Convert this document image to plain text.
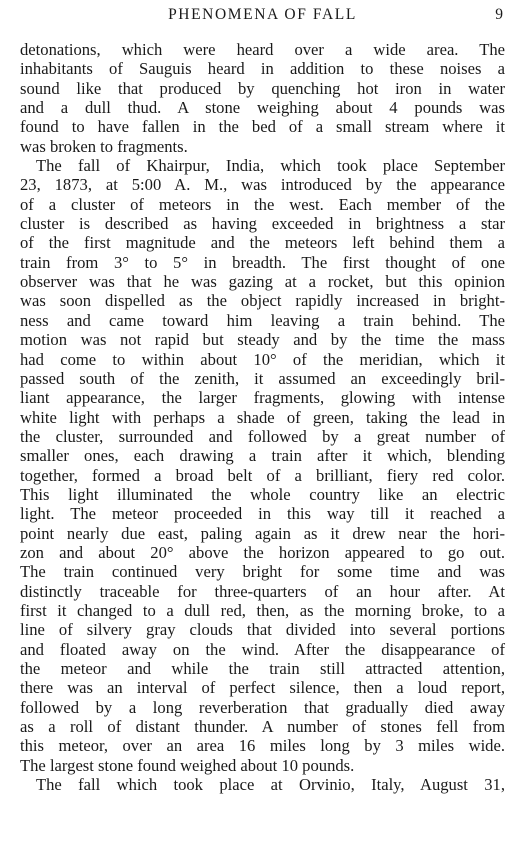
PHENOMENA OF FALL	9
detonations, which were heard over a wide area. The
inhabitants of Sauguis heard in addition to these noises a
sound like that produced by quenching hot iron in water
and a dull thud. A stone weighing about 4 pounds was
found to have fallen in the bed of a small stream where it
was broken to fragments.
The fall of Khairpur, India, which took place September
23, 1873, at 5:00 A. M., was introduced by the appearance
of a cluster of meteors in the west. Each member of the
cluster is described as having exceeded in brightness a star
of the first magnitude and the meteors left behind them a
train from 3° to 5° in breadth. The first thought of one
observer was that he was gazing at a rocket, but this opinion
was soon dispelled as the object rapidly increased in bright-
ness and came toward him leaving a train behind. The
motion was not rapid but steady and by the time the mass
had come to within about 10° of the meridian, which it
passed south of the zenith, it assumed an exceedingly bril-
liant appearance, the larger fragments, glowing with intense
white light with perhaps a shade of green, taking the lead in
the cluster, surrounded and followed by a great number of
smaller ones, each drawing a train after it which, blending
together, formed a broad belt of a brilliant, fiery red color.
This light illuminated the whole country like an electric
light. The meteor proceeded in this way till it reached a
point nearly due east, paling again as it drew near the hori-
zon and about 20° above the horizon appeared to go out.
The train continued very bright for some time and was
distinctly traceable for three-quarters of an hour after. At
first it changed to a dull red, then, as the morning broke, to a
line of silvery gray clouds that divided into several portions
and floated away on the wind. After the disappearance of
the meteor and while the train still attracted attention,
there was an interval of perfect silence, then a loud report,
followed by a long reverberation that gradually died away
as a roll of distant thunder. A number of stones fell from
this meteor, over an area 16 miles long by 3 miles wide.
The largest stone found weighed about 10 pounds.
The fall which took place at Orvinio, Italy, August 31,
